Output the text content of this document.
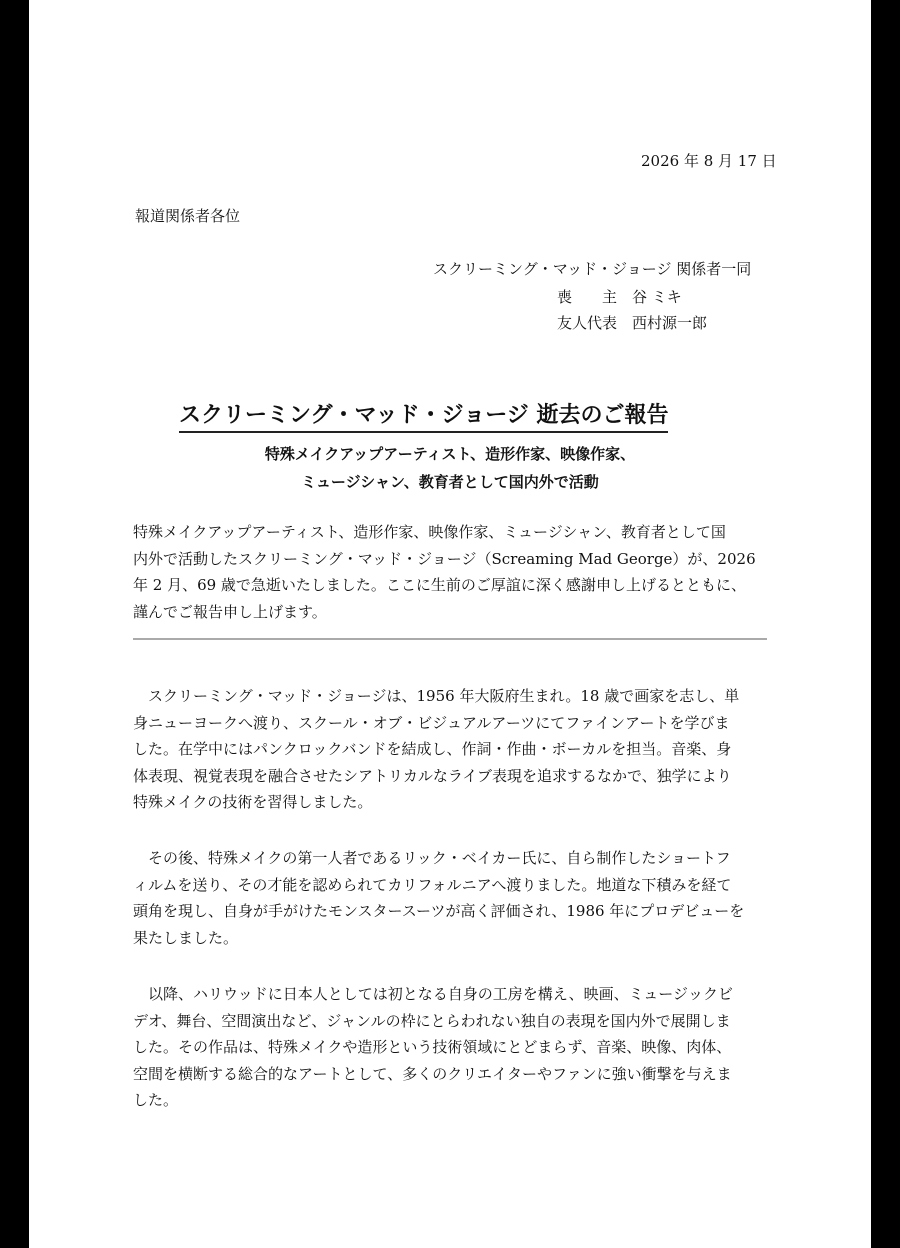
2026 年 8 月 17 日
報道関係者各位
スクリーミング・マッド・ジョージ 関係者一同
喪　　主　谷 ミキ
友人代表　西村源一郎
スクリーミング・マッド・ジョージ 逝去のご報告
特殊メイクアップアーティスト、造形作家、映像作家、
ミュージシャン、教育者として国内外で活動
特殊メイクアップアーティスト、造形作家、映像作家、ミュージシャン、教育者として国
内外で活動したスクリーミング・マッド・ジョージ（Screaming Mad George）が、2026
年 2 月、69 歳で急逝いたしました。ここに生前のご厚誼に深く感謝申し上げるとともに、
謹んでご報告申し上げます。
　スクリーミング・マッド・ジョージは、1956 年大阪府生まれ。18 歳で画家を志し、単
身ニューヨークへ渡り、スクール・オブ・ビジュアルアーツにてファインアートを学びま
した。在学中にはパンクロックバンドを結成し、作詞・作曲・ボーカルを担当。音楽、身
体表現、視覚表現を融合させたシアトリカルなライブ表現を追求するなかで、独学により
特殊メイクの技術を習得しました。
　その後、特殊メイクの第一人者であるリック・ベイカー氏に、自ら制作したショートフ
ィルムを送り、その才能を認められてカリフォルニアへ渡りました。地道な下積みを経て
頭角を現し、自身が手がけたモンスタースーツが高く評価され、1986 年にプロデビューを
果たしました。
　以降、ハリウッドに日本人としては初となる自身の工房を構え、映画、ミュージックビ
デオ、舞台、空間演出など、ジャンルの枠にとらわれない独自の表現を国内外で展開しま
した。その作品は、特殊メイクや造形という技術領域にとどまらず、音楽、映像、肉体、
空間を横断する総合的なアートとして、多くのクリエイターやファンに強い衝撃を与えま
した。
